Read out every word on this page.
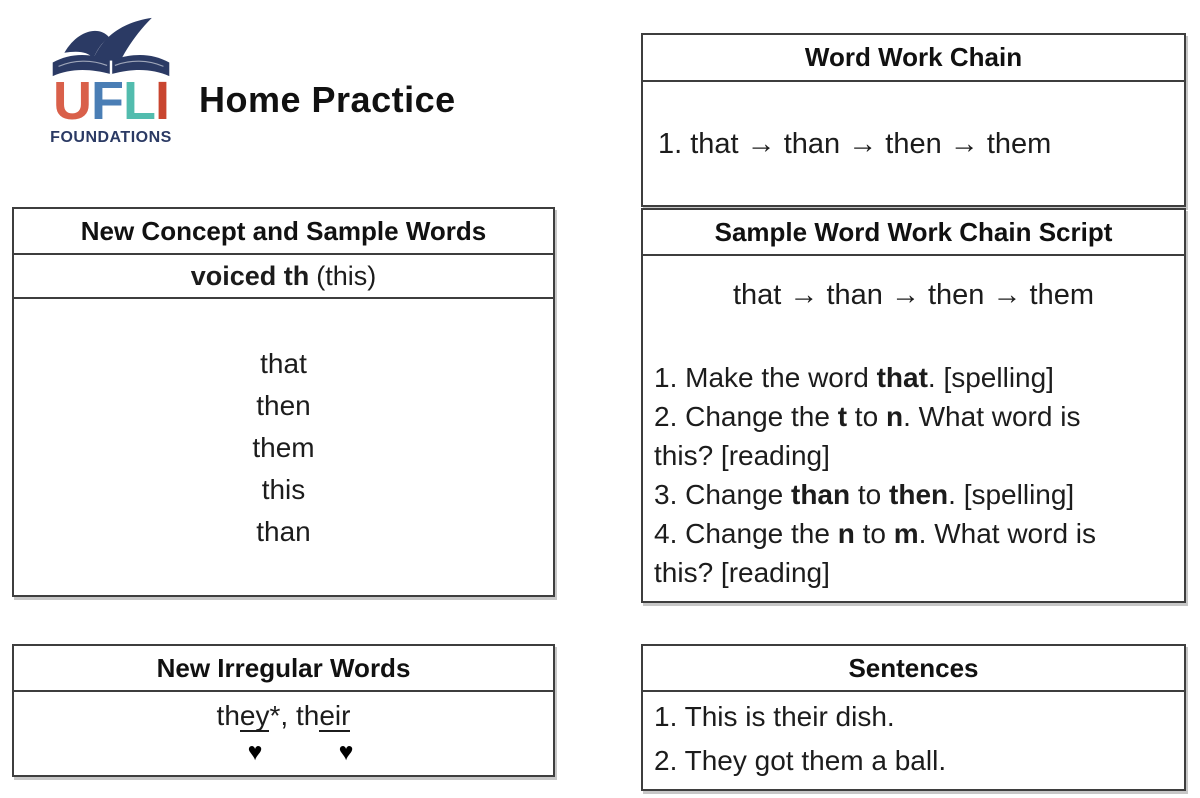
UFLI
FOUNDATIONS
Home Practice
New Concept and Sample Words
voiced th (this)
that
then
them
this
than
New Irregular Words
they*, their
♥	♥
Word Work Chain
1. that → than → then → them
Sample Word Work Chain Script
that → than → then → them
1. Make the word that. [spelling]
2. Change the t to n. What word is
this? [reading]
3. Change than to then. [spelling]
4. Change the n to m. What word is
this? [reading]
Sentences
1. This is their dish.
2. They got them a ball.
